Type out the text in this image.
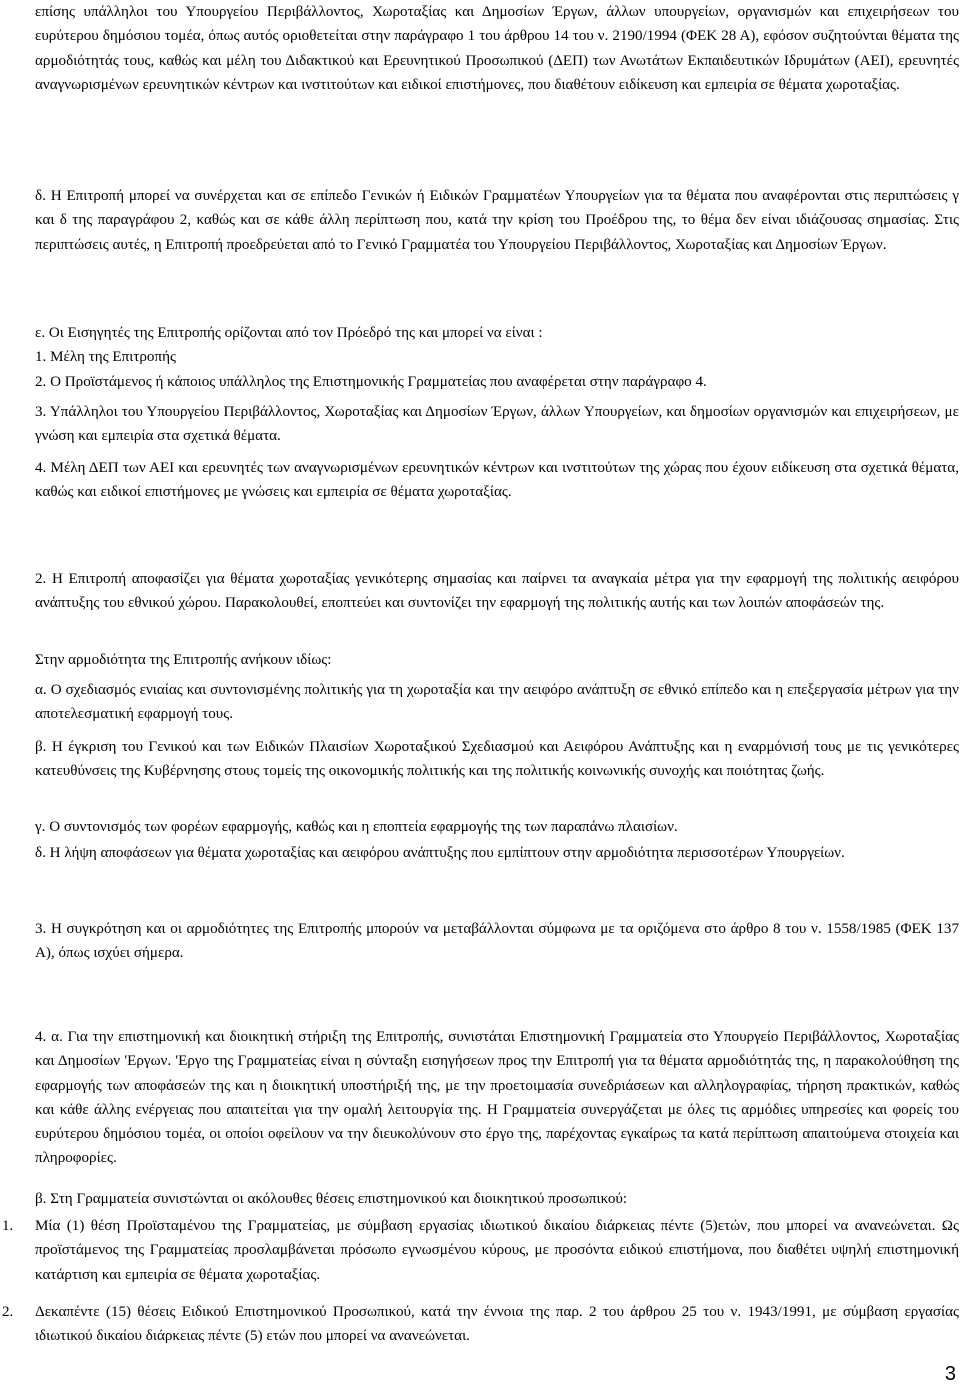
επίσης υπάλληλοι του Υπουργείου Περιβάλλοντος, Χωροταξίας και Δημοσίων Έργων, άλλων υπουργείων, οργανισμών και επιχειρήσεων του ευρύτερου δημόσιου τομέα, όπως αυτός οριοθετείται στην παράγραφο 1 του άρθρου 14 του ν. 2190/1994 (ΦΕΚ 28 Α), εφόσον συζητούνται θέματα της αρμοδιότητάς τους, καθώς και μέλη του Διδακτικού και Ερευνητικού Προσωπικού (ΔΕΠ) των Ανωτάτων Εκπαιδευτικών Ιδρυμάτων (ΑΕΙ), ερευνητές αναγνωρισμένων ερευνητικών κέντρων και ινστιτούτων και ειδικοί επιστήμονες, που διαθέτουν ειδίκευση και εμπειρία σε θέματα χωροταξίας.

δ. Η Επιτροπή μπορεί να συνέρχεται και σε επίπεδο Γενικών ή Ειδικών Γραμματέων Υπουργείων για τα θέματα που αναφέρονται στις περιπτώσεις γ και δ της παραγράφου 2, καθώς και σε κάθε άλλη περίπτωση που, κατά την κρίση του Προέδρου της, το θέμα δεν είναι ιδιάζουσας σημασίας. Στις περιπτώσεις αυτές, η Επιτροπή προεδρεύεται από το Γενικό Γραμματέα του Υπουργείου Περιβάλλοντος, Χωροταξίας και Δημοσίων Έργων.

ε. Οι Εισηγητές της Επιτροπής ορίζονται από τον Πρόεδρό της και μπορεί να είναι :

1. Μέλη της Επιτροπής

2. Ο Προϊστάμενος ή κάποιος υπάλληλος της Επιστημονικής Γραμματείας που αναφέρεται στην παράγραφο 4.

3. Υπάλληλοι του Υπουργείου Περιβάλλοντος, Χωροταξίας και Δημοσίων Έργων, άλλων Υπουργείων, και δημοσίων οργανισμών και επιχειρήσεων, με γνώση και εμπειρία στα σχετικά θέματα.

4. Μέλη ΔΕΠ των ΑΕΙ και ερευνητές των αναγνωρισμένων ερευνητικών κέντρων και ινστιτούτων της χώρας που έχουν ειδίκευση στα σχετικά θέματα, καθώς και ειδικοί επιστήμονες με γνώσεις και εμπειρία σε θέματα χωροταξίας.

2. Η Επιτροπή αποφασίζει για θέματα χωροταξίας γενικότερης σημασίας και παίρνει τα αναγκαία μέτρα για την εφαρμογή της πολιτικής αειφόρου ανάπτυξης του εθνικού χώρου. Παρακολουθεί, εποπτεύει και συντονίζει την εφαρμογή της πολιτικής αυτής και των λοιπών αποφάσεών της.

Στην αρμοδιότητα της Επιτροπής ανήκουν ιδίως:

α. Ο σχεδιασμός ενιαίας και συντονισμένης πολιτικής για τη χωροταξία και την αειφόρο ανάπτυξη σε εθνικό επίπεδο και η επεξεργασία μέτρων για την αποτελεσματική εφαρμογή τους.

β. Η έγκριση του Γενικού και των Ειδικών Πλαισίων Χωροταξικού Σχεδιασμού και Αειφόρου Ανάπτυξης και η εναρμόνισή τους με τις γενικότερες κατευθύνσεις της Κυβέρνησης στους τομείς της οικονομικής πολιτικής και της πολιτικής κοινωνικής συνοχής και ποιότητας ζωής.

γ. Ο συντονισμός των φορέων εφαρμογής, καθώς και η εποπτεία εφαρμογής της των παραπάνω πλαισίων.

δ. Η λήψη αποφάσεων για θέματα χωροταξίας και αειφόρου ανάπτυξης που εμπίπτουν στην αρμοδιότητα περισσοτέρων Υπουργείων.

3. Η συγκρότηση και οι αρμοδιότητες της Επιτροπής μπορούν να μεταβάλλονται σύμφωνα με τα οριζόμενα στο άρθρο 8 του ν. 1558/1985 (ΦΕΚ 137 Α), όπως ισχύει σήμερα.

4. α. Για την επιστημονική και διοικητική στήριξη της Επιτροπής, συνιστάται Επιστημονική Γραμματεία στο Υπουργείο Περιβάλλοντος, Χωροταξίας και Δημοσίων 'Εργων. 'Εργο της Γραμματείας είναι η σύνταξη εισηγήσεων προς την Επιτροπή για τα θέματα αρμοδιότητάς της, η παρακολούθηση της εφαρμογής των αποφάσεών της και η διοικητική υποστήριξή της, με την προετοιμασία συνεδριάσεων και αλληλογραφίας, τήρηση πρακτικών, καθώς και κάθε άλλης ενέργειας που απαιτείται για την ομαλή λειτουργία της. Η Γραμματεία συνεργάζεται με όλες τις αρμόδιες υπηρεσίες και φορείς του ευρύτερου δημόσιου τομέα, οι οποίοι οφείλουν να την διευκολύνουν στο έργο της, παρέχοντας εγκαίρως τα κατά περίπτωση απαιτούμενα στοιχεία και πληροφορίες.

β. Στη Γραμματεία συνιστώνται οι ακόλουθες θέσεις επιστημονικού και διοικητικού προσωπικού:

1.	Μία (1) θέση Προϊσταμένου της Γραμματείας, με σύμβαση εργασίας ιδιωτικού δικαίου διάρκειας πέντε (5)ετών, που μπορεί να ανανεώνεται. Ως προϊστάμενος της Γραμματείας προσλαμβάνεται πρόσωπο εγνωσμένου κύρους, με προσόντα ειδικού επιστήμονα, που διαθέτει υψηλή επιστημονική κατάρτιση και εμπειρία σε θέματα χωροταξίας.

2.	Δεκαπέντε (15) θέσεις Ειδικού Επιστημονικού Προσωπικού, κατά την έννοια της παρ. 2 του άρθρου 25 του ν. 1943/1991, με σύμβαση εργασίας ιδιωτικού δικαίου διάρκειας πέντε (5) ετών που μπορεί να ανανεώνεται.

3
